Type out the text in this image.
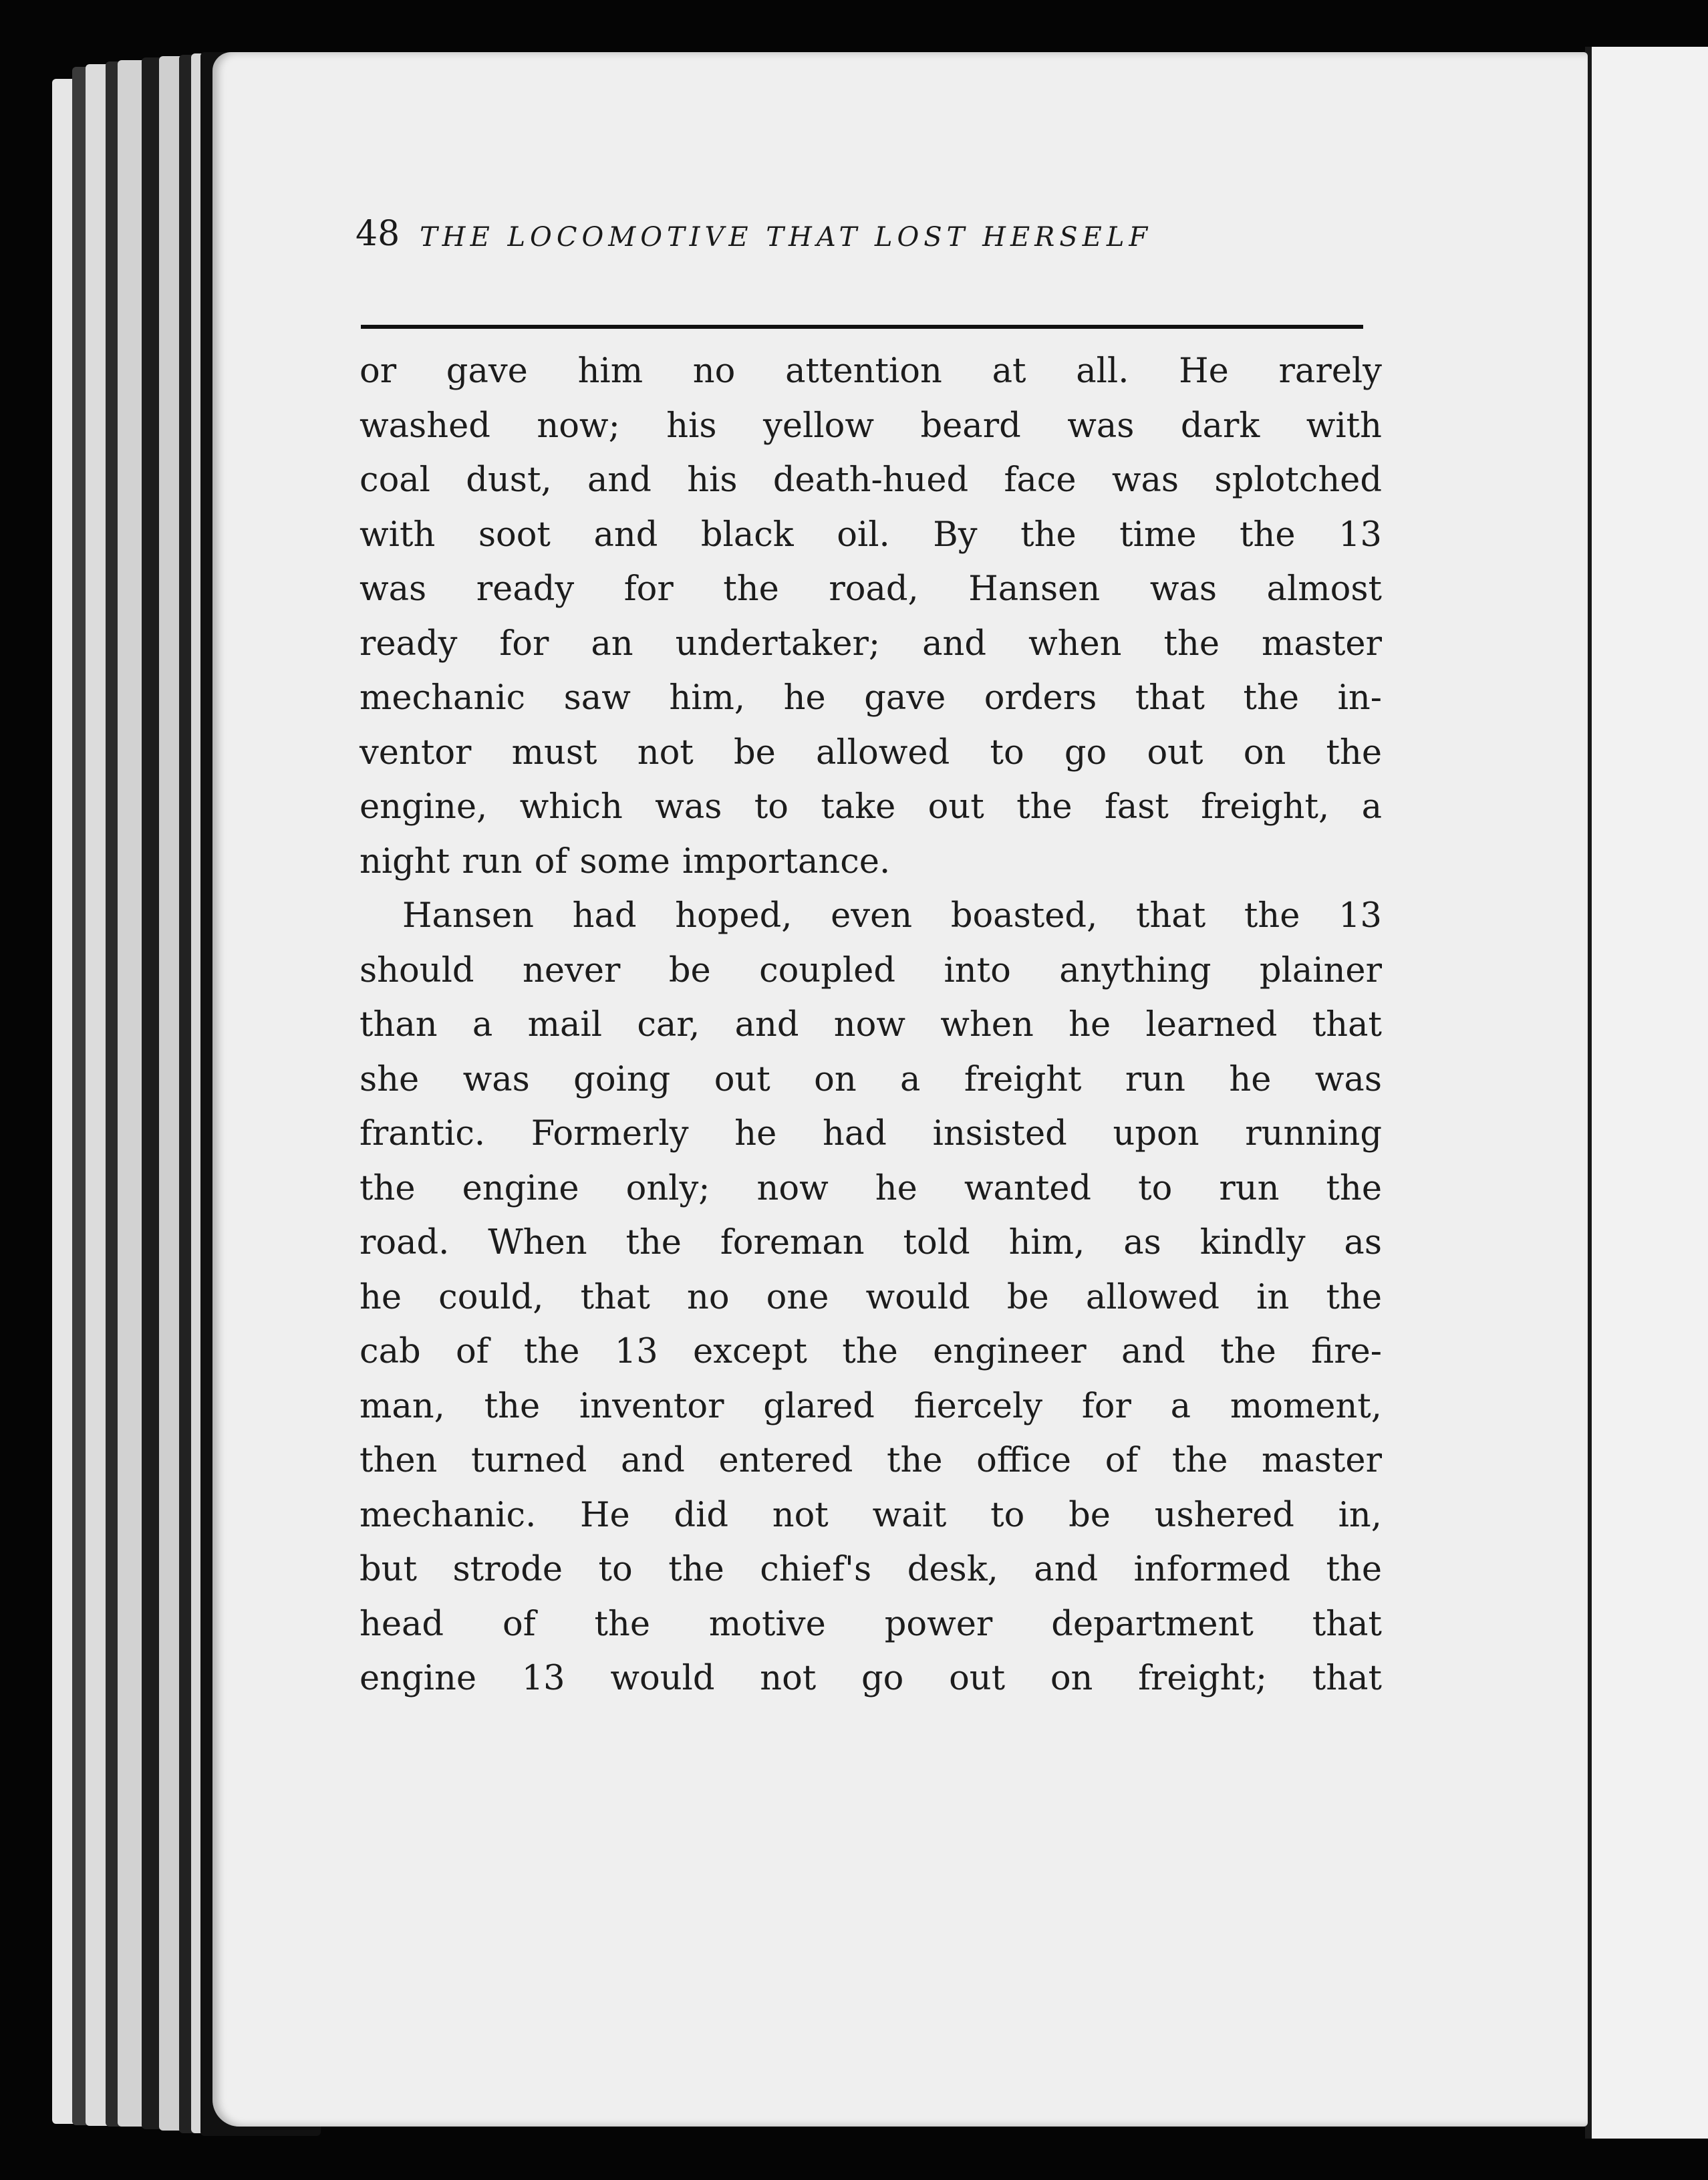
48 THE LOCOMOTIVE THAT LOST HERSELF
or gave him no attention at all. He rarely
washed now; his yellow beard was dark with
coal dust, and his death-hued face was splotched
with soot and black oil. By the time the 13
was ready for the road, Hansen was almost
ready for an undertaker; and when the master
mechanic saw him, he gave orders that the in-
ventor must not be allowed to go out on the
engine, which was to take out the fast freight, a
night run of some importance.
Hansen had hoped, even boasted, that the 13
should never be coupled into anything plainer
than a mail car, and now when he learned that
she was going out on a freight run he was
frantic. Formerly he had insisted upon running
the engine only; now he wanted to run the
road. When the foreman told him, as kindly as
he could, that no one would be allowed in the
cab of the 13 except the engineer and the fire-
man, the inventor glared fiercely for a moment,
then turned and entered the office of the master
mechanic. He did not wait to be ushered in,
but strode to the chief's desk, and informed the
head of the motive power department that
engine 13 would not go out on freight; that
